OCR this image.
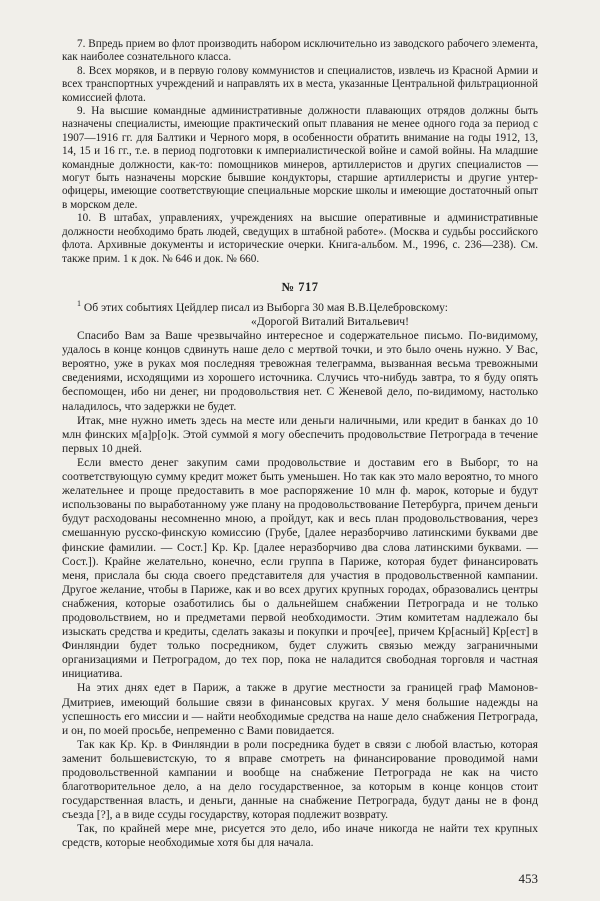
7. Впредь прием во флот производить набором исключительно из заводского рабочего элемента, как наиболее сознательного класса.

8. Всех моряков, и в первую голову коммунистов и специалистов, извлечь из Красной Армии и всех транспортных учреждений и направлять их в места, указанные Центральной фильтрационной комиссией флота.

9. На высшие командные административные должности плавающих отрядов должны быть назначены специалисты, имеющие практический опыт плавания не менее одного года за период с 1907—1916 гг. для Балтики и Черного моря, в особенности обратить внимание на годы 1912, 13, 14, 15 и 16 гг., т.е. в период подготовки к империалистической войне и самой войны. На младшие командные должности, как-то: помощников минеров, артиллеристов и других специалистов — могут быть назначены морские бывшие кондукторы, старшие артиллеристы и другие унтер-офицеры, имеющие соответствующие специальные морские школы и имеющие достаточный опыт в морском деле.

10. В штабах, управлениях, учреждениях на высшие оперативные и административные должности необходимо брать людей, сведущих в штабной работе». (Москва и судьбы российского флота. Архивные документы и исторические очерки. Книга-альбом. М., 1996, с. 236—238). См. также прим. 1 к док. № 646 и док. № 660.

№ 717

$^1$ Об этих событиях Цейдлер писал из Выборга 30 мая В.В.Целебровскому:

«Дорогой Виталий Витальевич!

Спасибо Вам за Ваше чрезвычайно интересное и содержательное письмо. По-видимому, удалось в конце концов сдвинуть наше дело с мертвой точки, и это было очень нужно. У Вас, вероятно, уже в руках моя последняя тревожная телеграмма, вызванная весьма тревожными сведениями, исходящими из хорошего источника. Случись что-нибудь завтра, то я буду опять беспомощен, ибо ни денег, ни продовольствия нет. С Женевой дело, по-видимому, настолько наладилось, что задержки не будет.

Итак, мне нужно иметь здесь на месте или деньги наличными, или кредит в банках до 10 млн финских м[а]р[о]к. Этой суммой я могу обеспечить продовольствие Петрограда в течение первых 10 дней.

Если вместо денег закупим сами продовольствие и доставим его в Выборг, то на соответствующую сумму кредит может быть уменьшен. Но так как это мало вероятно, то много желательнее и проще предоставить в мое распоряжение 10 млн ф. марок, которые и будут использованы по выработанному уже плану на продовольствование Петербурга, причем деньги будут расходованы несомненно мною, а пройдут, как и весь план продовольствования, через смешанную русско-финскую комиссию (Грубе, [далее неразборчиво латинскими буквами две финские фамилии. — Сост.] Кр. Кр. [далее неразборчиво два слова латинскими буквами. — Сост.]). Крайне желательно, конечно, если группа в Париже, которая будет финансировать меня, прислала бы сюда своего представителя для участия в продовольственной кампании. Другое желание, чтобы в Париже, как и во всех других крупных городах, образовались центры снабжения, которые озаботились бы о дальнейшем снабжении Петрограда и не только продовольствием, но и предметами первой необходимости. Этим комитетам надлежало бы изыскать средства и кредиты, сделать заказы и покупки и проч[ее], причем Кр[асный] Кр[ест] в Финляндии будет только посредником, будет служить связью между заграничными организациями и Петроградом, до тех пор, пока не наладится свободная торговля и частная инициатива.

На этих днях едет в Париж, а также в другие местности за границей граф Мамонов-Дмитриев, имеющий большие связи в финансовых кругах. У меня большие надежды на успешность его миссии и — найти необходимые средства на наше дело снабжения Петрограда, и он, по моей просьбе, непременно с Вами повидается.

Так как Кр. Кр. в Финляндии в роли посредника будет в связи с любой властью, которая заменит большевистскую, то я вправе смотреть на финансирование проводимой нами продовольственной кампании и вообще на снабжение Петрограда не как на чисто благотворительное дело, а на дело государственное, за которым в конце концов стоит государственная власть, и деньги, данные на снабжение Петрограда, будут даны не в фонд съезда [?], а в виде ссуды государству, которая подлежит возврату.

Так, по крайней мере мне, рисуется это дело, ибо иначе никогда не найти тех крупных средств, которые необходимые хотя бы для начала.

453
